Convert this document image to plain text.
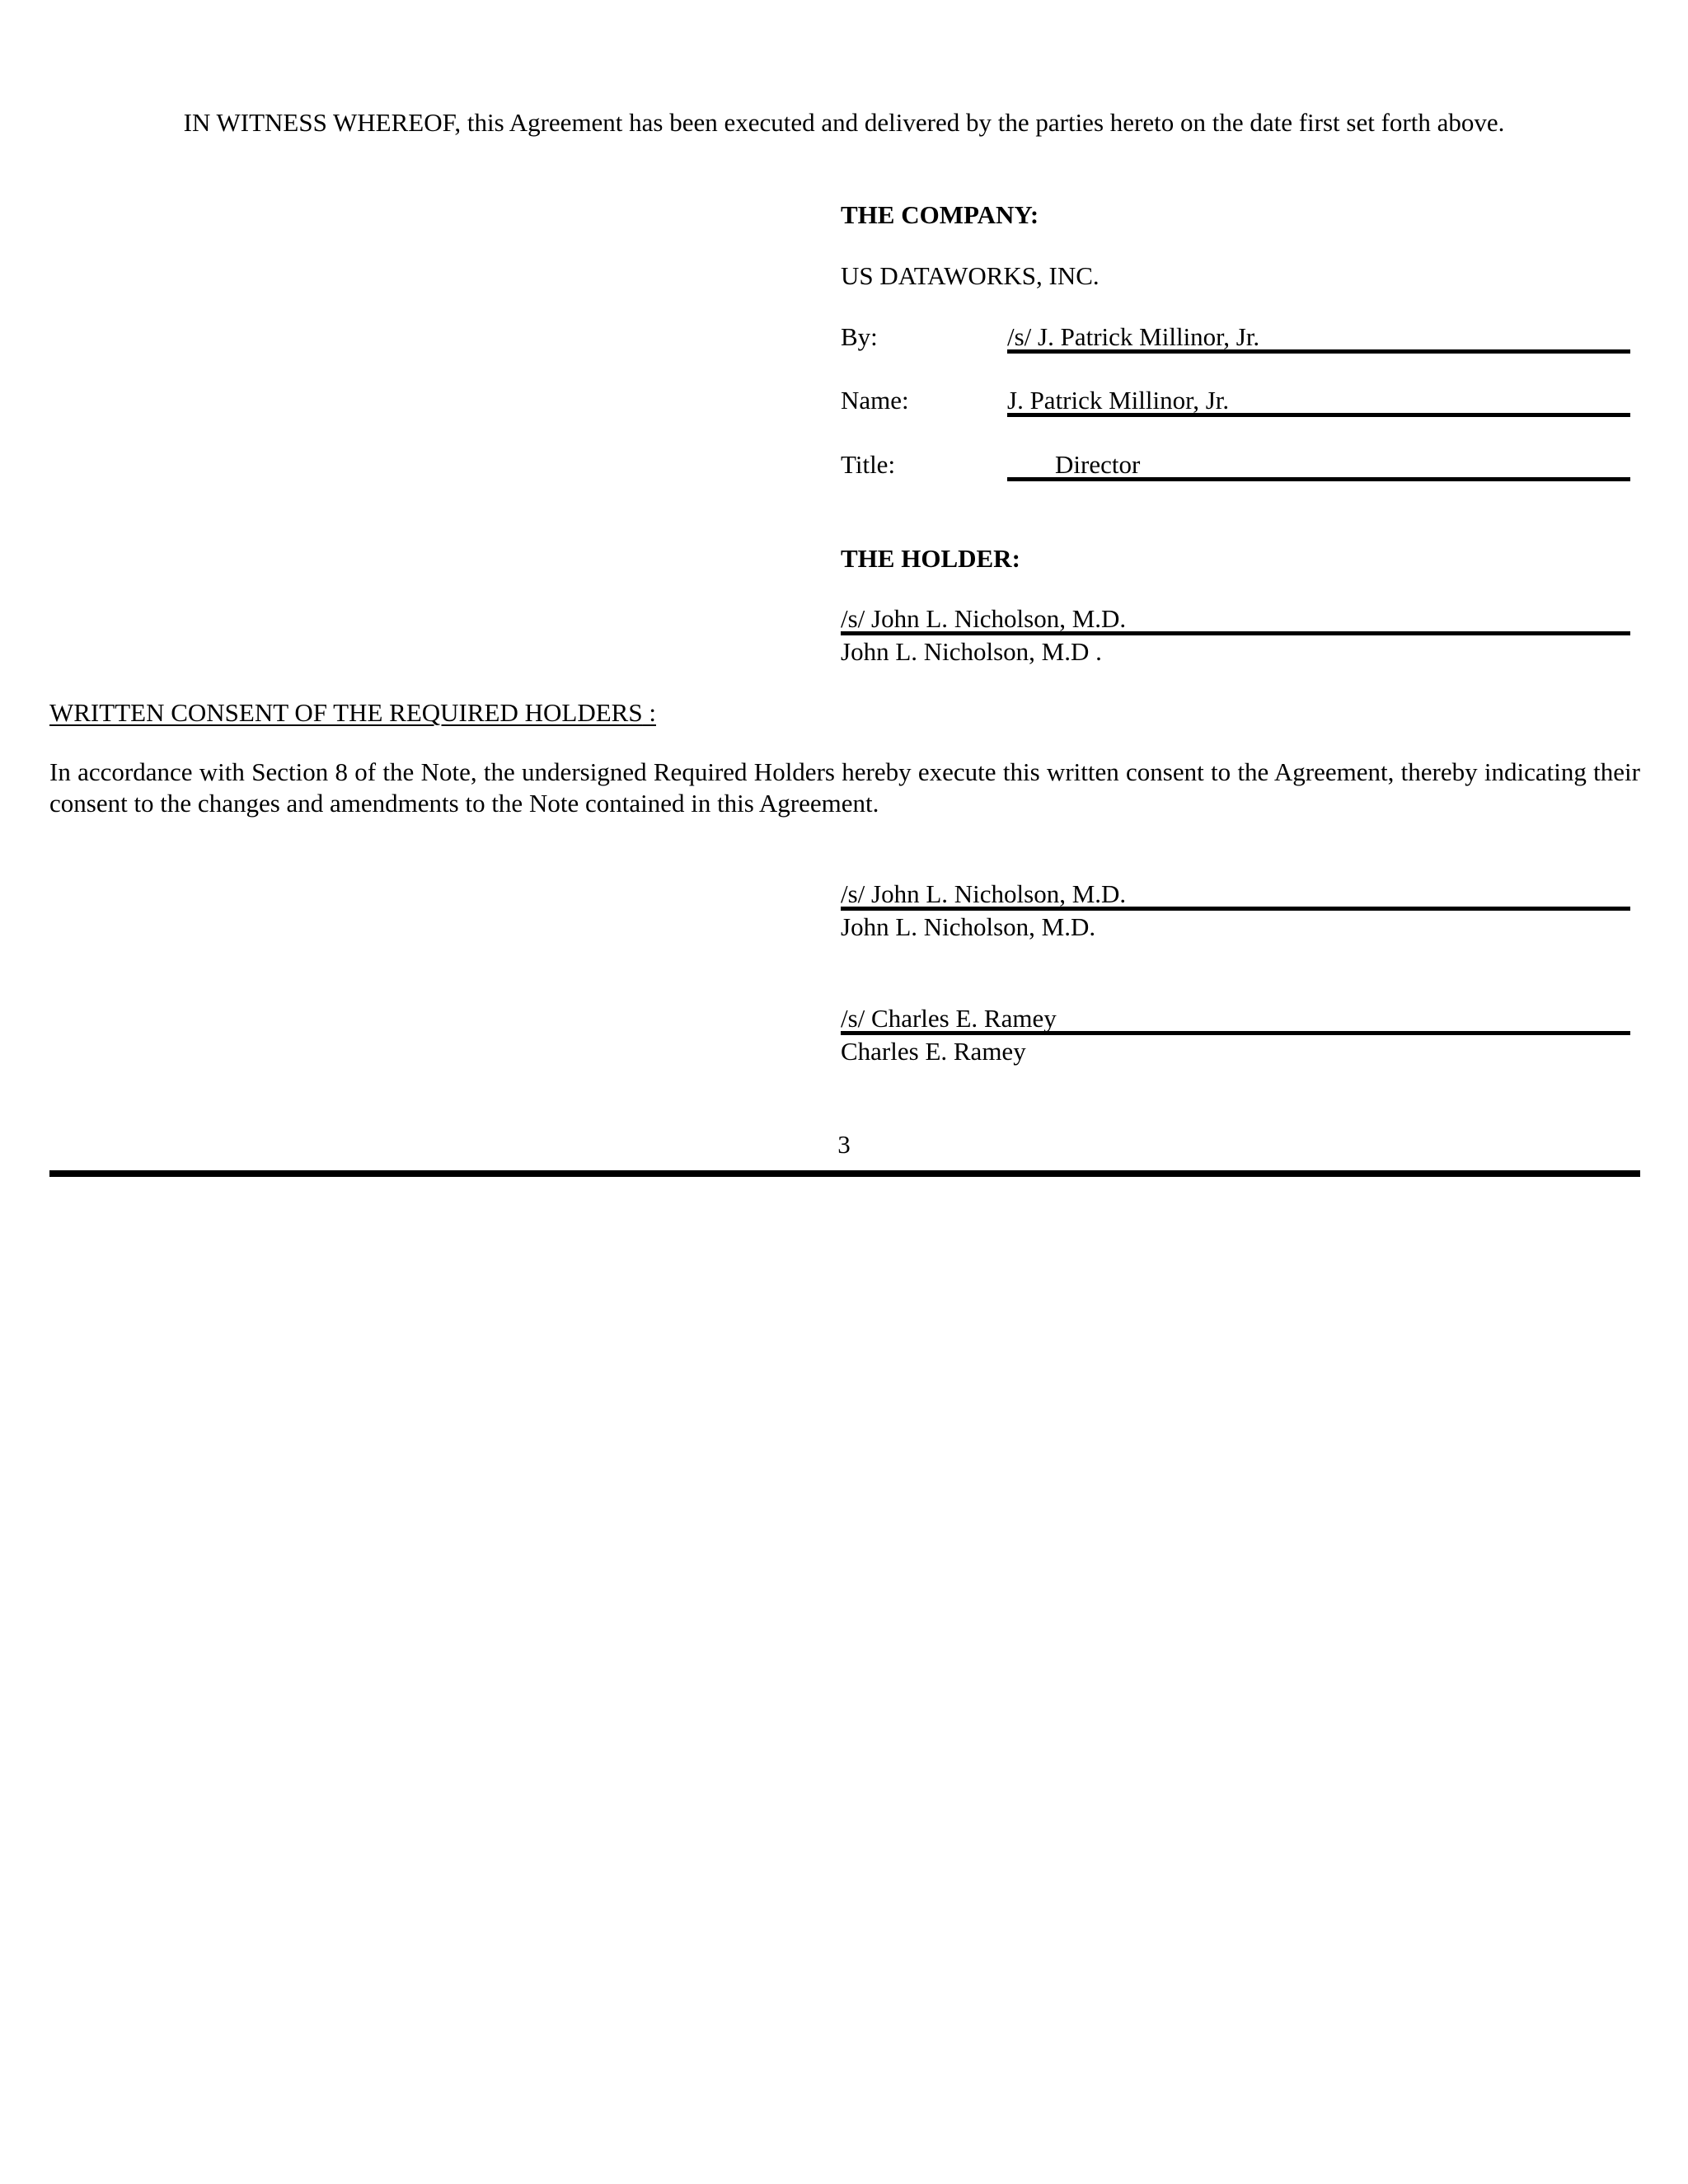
IN WITNESS WHEREOF, this Agreement has been executed and delivered by the parties hereto on the date first set forth above.
THE COMPANY:
US DATAWORKS, INC.
By:	/s/ J. Patrick Millinor, Jr.
Name:	J. Patrick Millinor, Jr.
Title:	Director
THE HOLDER:
/s/ John L. Nicholson, M.D.
John L. Nicholson, M.D .
WRITTEN CONSENT OF THE REQUIRED HOLDERS :
In accordance with Section 8 of the Note, the undersigned Required Holders hereby execute this written consent to the Agreement, thereby indicating their consent to the changes and amendments to the Note contained in this Agreement.
/s/ John L. Nicholson, M.D.
John L. Nicholson, M.D.
/s/ Charles E. Ramey
Charles E. Ramey
3
